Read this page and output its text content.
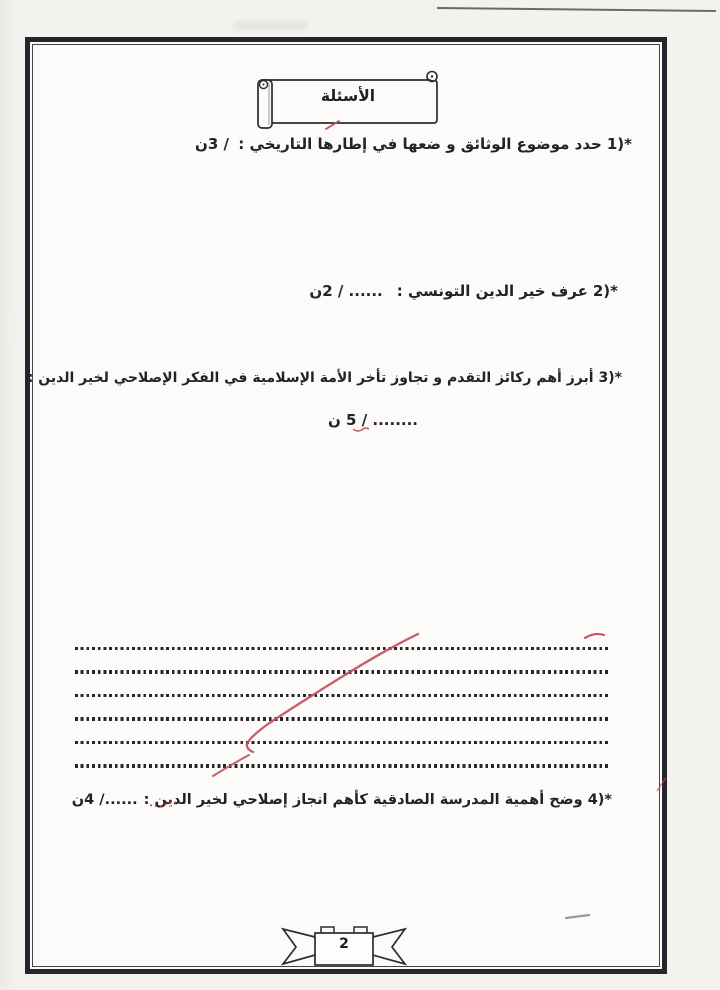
الأسئلة
1)*
حدد موضوع الوثائق و ضعها في إطارها التاريخي :
/ 3ن
2)*
عرف خير الدين التونسي :
...... / 2ن
3)*
أبرز أهم ركائز التقدم و تجاوز تأخر الأمة الإسلامية في الفكر الإصلاحي لخير الدين :
........ / 5 ن
4)*
وضح أهمية المدرسة الصادقية كأهم انجاز إصلاحي لخير الدين :
....../ 4ن
2
